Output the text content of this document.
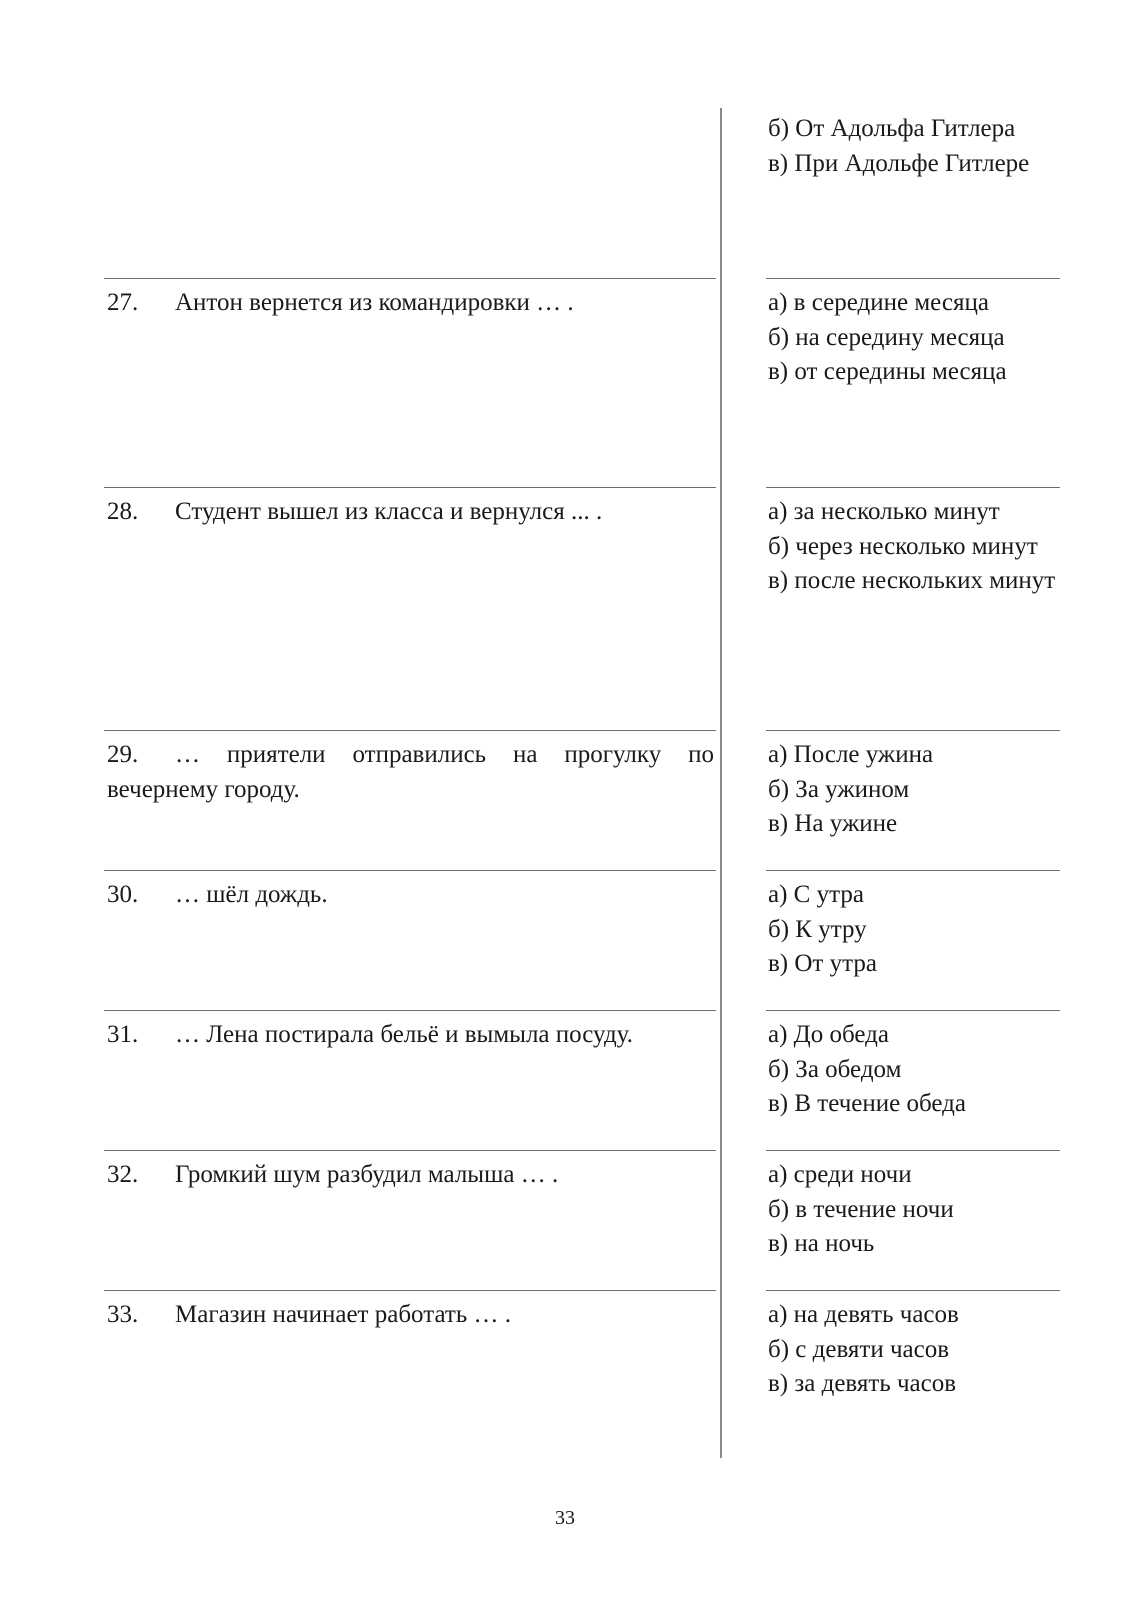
б) От Адольфа Гитлера
в) При Адольфе Гитлере
27. Антон вернется из командировки … .	а) в середине месяца
б) на середину месяца
в) от середины месяца
28. Студент вышел из класса и вернулся ... .	а) за несколько минут
б) через несколько минут
в) после нескольких минут
29. … приятели отправились на прогулку по вечернему городу.
а) После ужина
б) За ужином
в) На ужине
30. … шёл дождь.	а) С утра
б) К утру
в) От утра
31. … Лена постирала бельё и вымыла посуду.	а) До обеда
б) За обедом
в) В течение обеда
32. Громкий шум разбудил малыша … .	а) среди ночи
б) в течение ночи
в) на ночь
33. Магазин начинает работать … .	а) на девять часов
б) с девяти часов
в) за девять часов
33
